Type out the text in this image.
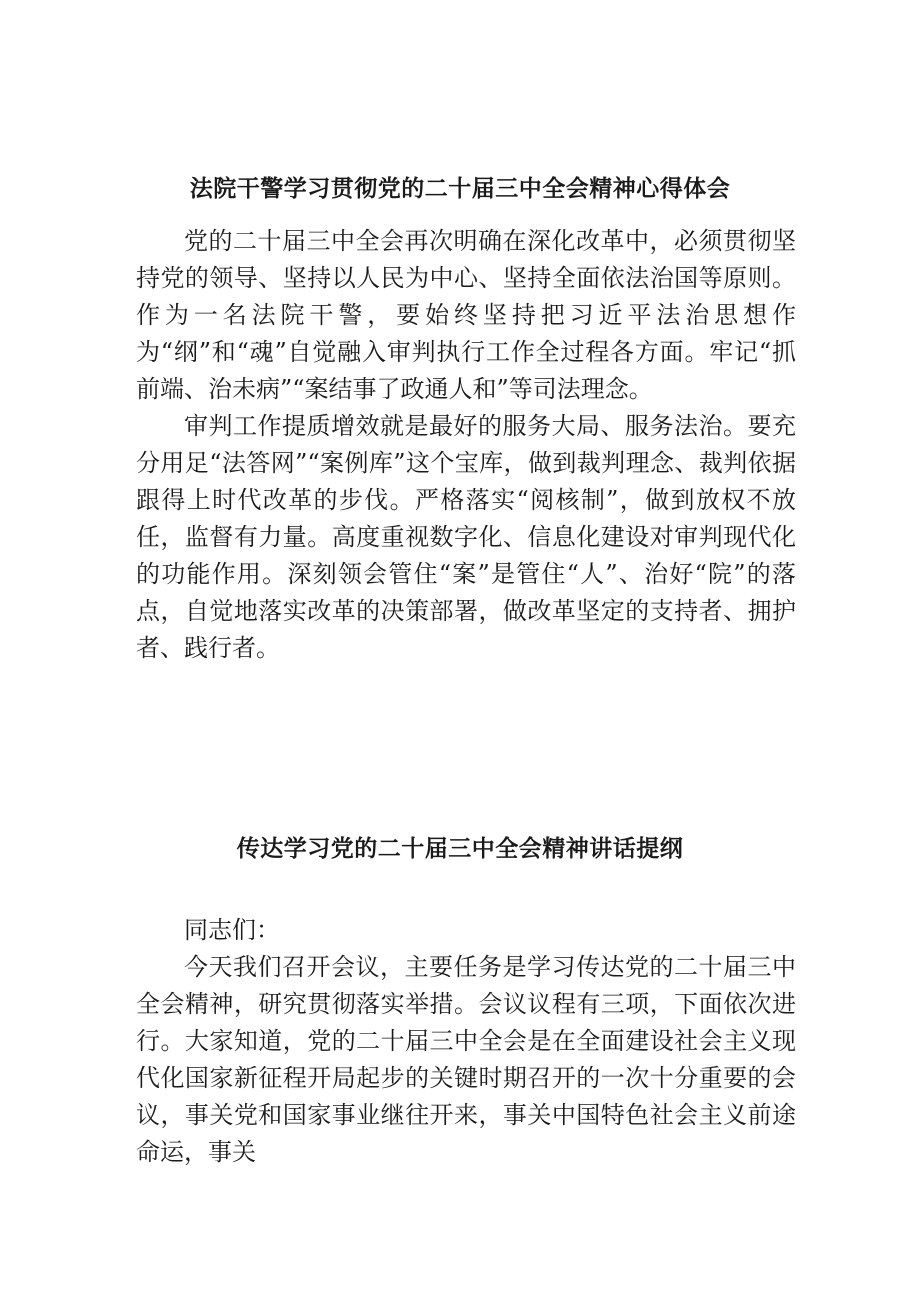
法院干警学习贯彻党的二十届三中全会精神心得体会

党的二十届三中全会再次明确在深化改革中，必须贯彻坚持党的领导、坚持以人民为中心、坚持全面依法治国等原则。作为一名法院干警，要始终坚持把习近平法治思想作为“纲”和“魂”自觉融入审判执行工作全过程各方面。牢记“抓前端、治未病”“案结事了政通人和”等司法理念。

审判工作提质增效就是最好的服务大局、服务法治。要充分用足“法答网”“案例库”这个宝库，做到裁判理念、裁判依据跟得上时代改革的步伐。严格落实“阅核制”，做到放权不放任，监督有力量。高度重视数字化、信息化建设对审判现代化的功能作用。深刻领会管住“案”是管住“人”、治好“院”的落点，自觉地落实改革的决策部署，做改革坚定的支持者、拥护者、践行者。

传达学习党的二十届三中全会精神讲话提纲

同志们：

今天我们召开会议，主要任务是学习传达党的二十届三中全会精神，研究贯彻落实举措。会议议程有三项，下面依次进行。大家知道，党的二十届三中全会是在全面建设社会主义现代化国家新征程开局起步的关键时期召开的一次十分重要的会议，事关党和国家事业继往开来，事关中国特色社会主义前途命运，事关
